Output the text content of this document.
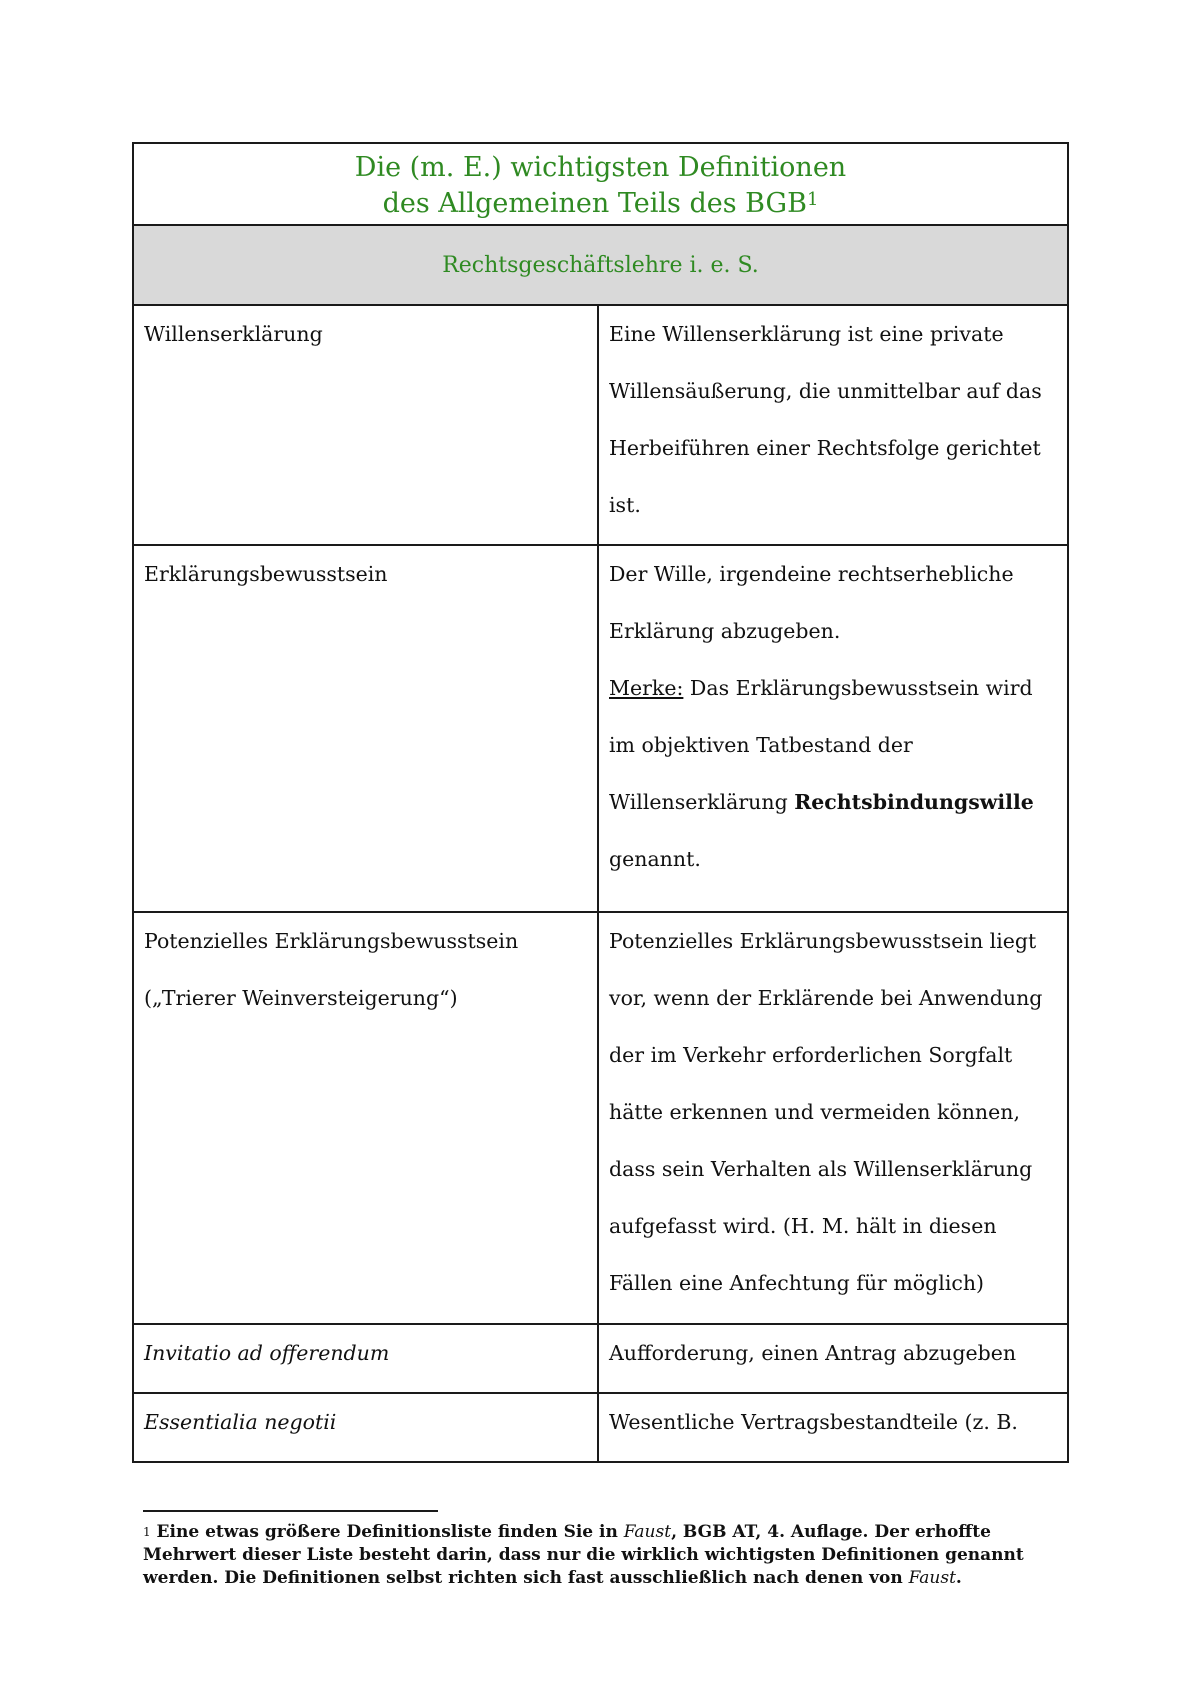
Die (m. E.) wichtigsten Definitionen
des Allgemeinen Teils des BGB$^1$

Rechtsgeschäftslehre i. e. S.	

Willenserklärung	Eine Willenserklärung ist eine private Willensäußerung, die unmittelbar auf das Herbeiführen einer Rechtsfolge gerichtet ist.

Erklärungsbewusstsein	Der Wille, irgendeine rechtserhebliche Erklärung abzugeben.
Merke: Das Erklärungsbewusstsein wird im objektiven Tatbestand der Willenserklärung Rechtsbindungswille genannt.

Potenzielles Erklärungsbewusstsein
(„Trierer Weinversteigerung“)	Potenzielles Erklärungsbewusstsein liegt vor, wenn der Erklärende bei Anwendung der im Verkehr erforderlichen Sorgfalt hätte erkennen und vermeiden können, dass sein Verhalten als Willenserklärung aufgefasst wird. (H. M. hält in diesen Fällen eine Anfechtung für möglich)

Invitatio ad offerendum	Aufforderung, einen Antrag abzugeben

Essentialia negotii	Wesentliche Vertragsbestandteile (z. B.
$^1$ Eine etwas größere Definitionsliste finden Sie in Faust, BGB AT, 4. Auflage. Der erhoffte Mehrwert dieser Liste besteht darin, dass nur die wirklich wichtigsten Definitionen genannt werden. Die Definitionen selbst richten sich fast ausschließlich nach denen von Faust.
